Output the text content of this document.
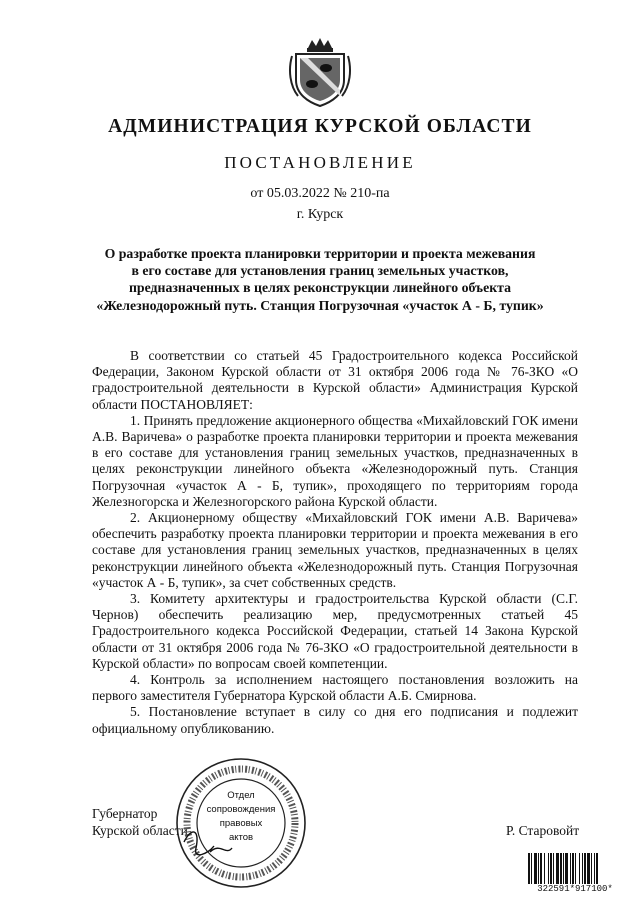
АДМИНИСТРАЦИЯ КУРСКОЙ ОБЛАСТИ
ПОСТАНОВЛЕНИЕ
от 05.03.2022 № 210-па
г. Курск
О разработке проекта планировки территории и проекта межевания
в его составе для установления границ земельных участков,
предназначенных в целях реконструкции линейного объекта
«Железнодорожный путь. Станция Погрузочная «участок А - Б, тупик»

В соответствии со статьей 45 Градостроительного кодекса Российской Федерации, Законом Курской области от 31 октября 2006 года № 76-ЗКО «О градостроительной деятельности в Курской области» Администрация Курской области ПОСТАНОВЛЯЕТ:

1. Принять предложение акционерного общества «Михайловский ГОК имени А.В. Варичева» о разработке проекта планировки территории и проекта межевания в его составе для установления границ земельных участков, предназначенных в целях реконструкции линейного объекта «Железнодорожный путь. Станция Погрузочная «участок А - Б, тупик», проходящего по территориям города Железногорска и Железногорского района Курской области.

2. Акционерному обществу «Михайловский ГОК имени А.В. Варичева» обеспечить разработку проекта планировки территории и проекта межевания в его составе для установления границ земельных участков, предназначенных в целях реконструкции линейного объекта «Железнодорожный путь. Станция Погрузочная «участок А - Б, тупик», за счет собственных средств.

3. Комитету архитектуры и градостроительства Курской области (С.Г. Чернов) обеспечить реализацию мер, предусмотренных статьей 45 Градостроительного кодекса Российской Федерации, статьей 14 Закона Курской области от 31 октября 2006 года № 76-ЗКО «О градостроительной деятельности в Курской области» по вопросам своей компетенции.

4. Контроль за исполнением настоящего постановления возложить на первого заместителя Губернатора Курской области А.Б. Смирнова.

5. Постановление вступает в силу со дня его подписания и подлежит официальному опубликованию.

Губернатор
Курской области	Р. Старовойт
Отдел
сопровождения
правовых
актов
322591*917100*
